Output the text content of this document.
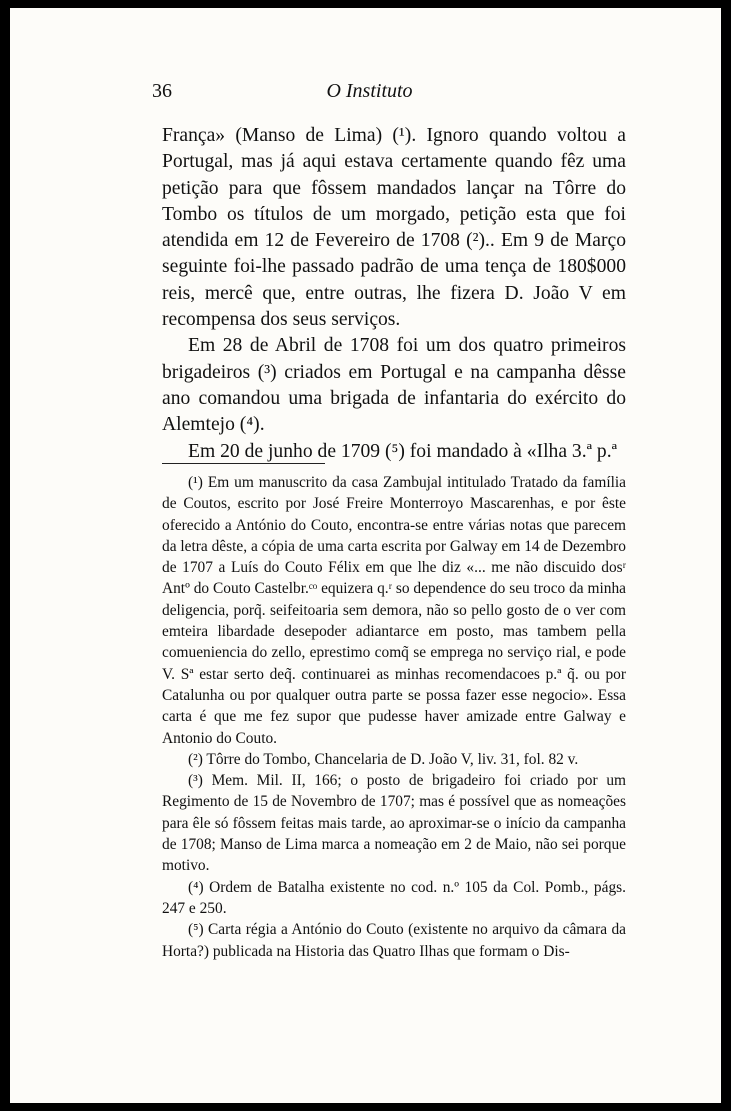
36	O Instituto

França» (Manso de Lima) (¹). Ignoro quando voltou a Portugal, mas já aqui estava certamente quando fêz uma petição para que fôssem mandados lançar na Tôrre do Tombo os títulos de um morgado, petição esta que foi atendida em 12 de Fevereiro de 1708 (²).. Em 9 de Março seguinte foi-lhe passado padrão de uma tença de 180$000 reis, mercê que, entre outras, lhe fizera D. João V em recompensa dos seus serviços.

Em 28 de Abril de 1708 foi um dos quatro primeiros brigadeiros (³) criados em Portugal e na campanha dêsse ano comandou uma brigada de infantaria do exército do Alemtejo (⁴).

Em 20 de junho de 1709 (⁵) foi mandado à «Ilha 3.ª p.ª

(¹) Em um manuscrito da casa Zambujal intitulado Tratado da família de Coutos, escrito por José Freire Monterroyo Mascarenhas, e por êste oferecido a António do Couto, encontra-se entre várias notas que parecem da letra dêste, a cópia de uma carta escrita por Galway em 14 de Dezembro de 1707 a Luís do Couto Félix em que lhe diz «... me não discuido dosʳ Antº do Couto Castelbr.ᶜᵒ equizera q.ʳ so dependence do seu troco da minha deligencia, porq̃. seifeitoaria sem demora, não so pello gosto de o ver com emteira libardade desepoder adiantarce em posto, mas tambem pella comueniencia do zello, eprestimo comq̃ se emprega no serviço rial, e pode V. Sª estar serto deq̃. continuarei as minhas recomendacoes p.ª q̃. ou por Catalunha ou por qualquer outra parte se possa fazer esse negocio». Essa carta é que me fez supor que pudesse haver amizade entre Galway e Antonio do Couto.

(²) Tôrre do Tombo, Chancelaria de D. João V, liv. 31, fol. 82 v.

(³) Mem. Mil. II, 166; o posto de brigadeiro foi criado por um Regimento de 15 de Novembro de 1707; mas é possível que as nomeações para êle só fôssem feitas mais tarde, ao aproximar-se o início da campanha de 1708; Manso de Lima marca a nomeação em 2 de Maio, não sei porque motivo.

(⁴) Ordem de Batalha existente no cod. n.º 105 da Col. Pomb., págs. 247 e 250.

(⁵) Carta régia a António do Couto (existente no arquivo da câmara da Horta?) publicada na Historia das Quatro Ilhas que formam o Dis-
